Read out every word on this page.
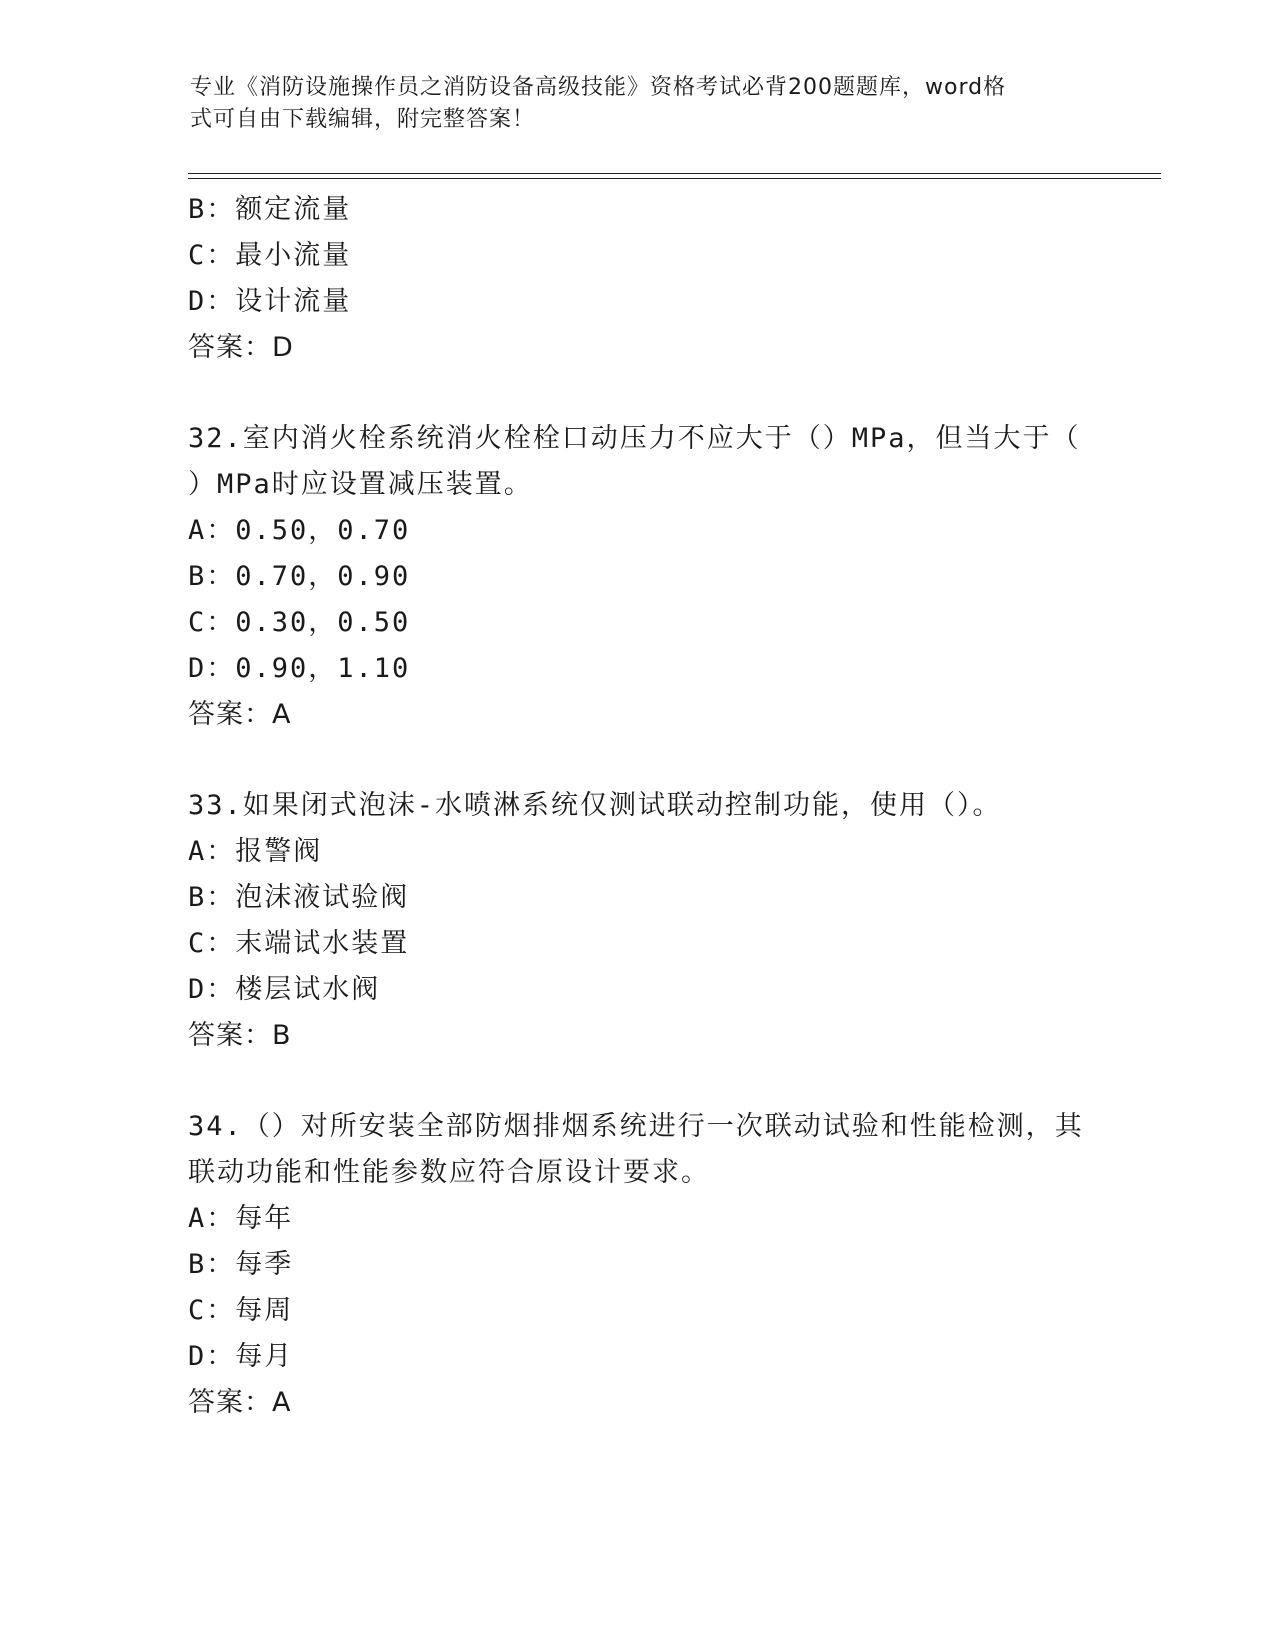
专业《消防设施操作员之消防设备高级技能》资格考试必背200题题库，word格
式可自由下载编辑，附完整答案！
B：额定流量
C：最小流量
D：设计流量
答案：D
32.室内消火栓系统消火栓栓口动压力不应大于（）MPa，但当大于（
）MPa时应设置减压装置。
A：0.50，0.70
B：0.70，0.90
C：0.30，0.50
D：0.90，1.10
答案：A
33.如果闭式泡沫-水喷淋系统仅测试联动控制功能，使用（）。
A：报警阀
B：泡沫液试验阀
C：末端试水装置
D：楼层试水阀
答案：B
34.（）对所安装全部防烟排烟系统进行一次联动试验和性能检测，其
联动功能和性能参数应符合原设计要求。
A：每年
B：每季
C：每周
D：每月
答案：A
